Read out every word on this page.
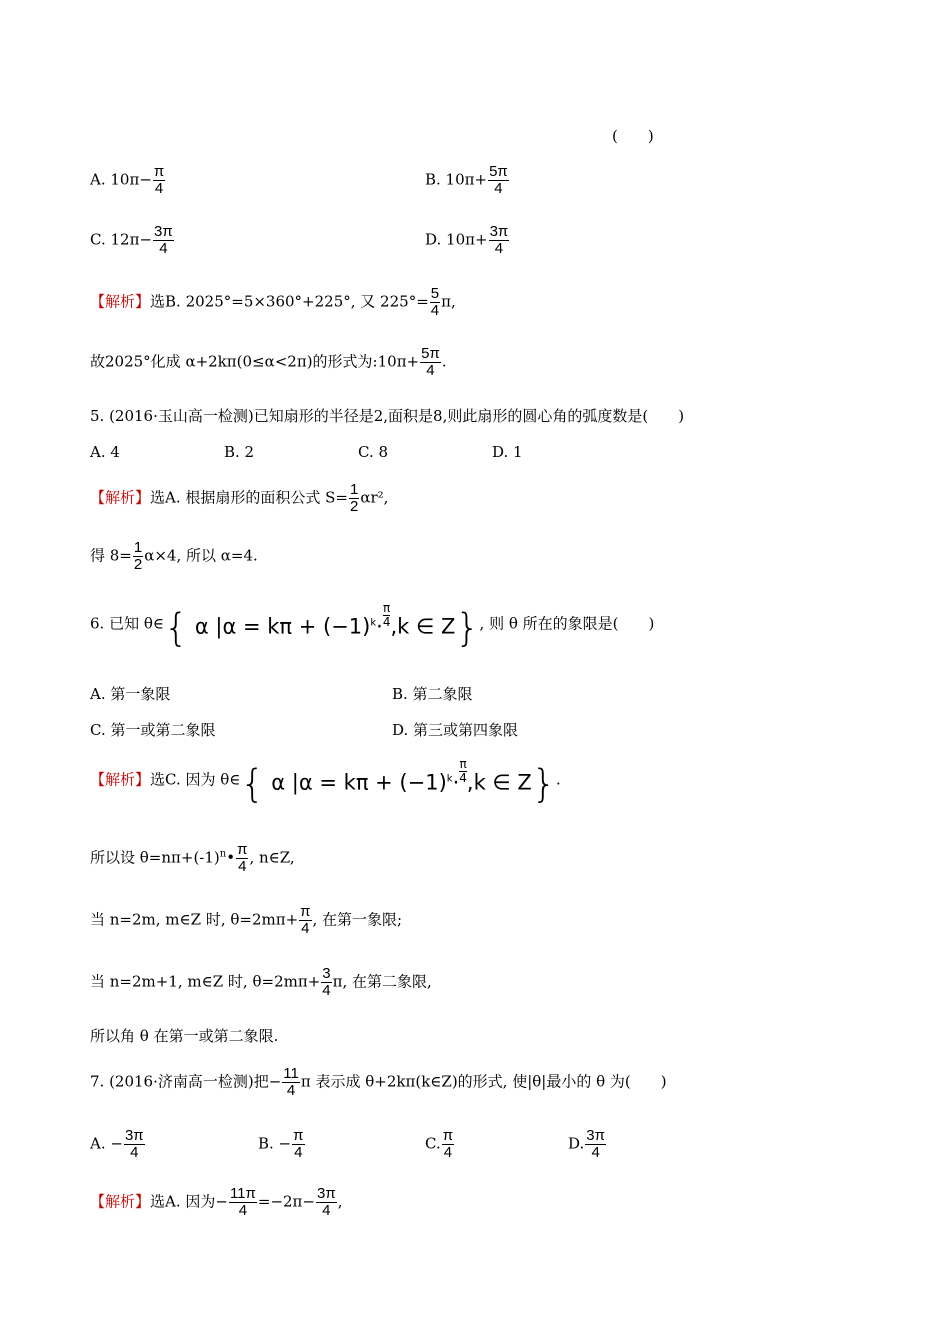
(　　)
A. $10\pi- \frac{\pi}{4}$	B. $10\pi+ \frac{5\pi}{4}$
C. $12\pi- \frac{3\pi}{4}$	D. $10\pi+ \frac{3\pi}{4}$
【解析】选B. 2025°=5×360°+225°, 又 $225^\circ= \frac{5}{4} \pi$,
故2025°化成 α+2kπ(0≤α<2π)的形式为:10π+ $\frac{5\pi}{4}$ .
5. (2016·玉山高一检测)已知扇形的半径是2,面积是8,则此扇形的圆心角的弧度数是(　　)
A. 4	B. 2	C. 8	D. 1
【解析】选A. 根据扇形的面积公式 $S= \frac{1}{2} \alpha r^2$,
得 $8= \frac{1}{2} \alpha\times 4$, 所以 α=4.
6. 已知 θ∈{ α $|\alpha = k\pi + (-1)^k\cdot \frac{\pi}{4} ,k$ ∈ Z}, 则 θ 所在的象限是(　　)
A. 第一象限	B. 第二象限
C. 第一或第二象限	D. 第三或第四象限
【解析】选C. 因为 θ∈{ α $|\alpha = k\pi + (-1)^k\cdot \frac{\pi}{4} ,k$ ∈ Z}.
所以设 $\theta=n\pi+(-1)^n• \frac{\pi}{4}$ , n∈Z,
当 n=2m, m∈Z 时, $\theta=2m\pi+ \frac{\pi}{4}$ , 在第一象限;
当 n=2m+1, m∈Z 时, $\theta=2m\pi+ \frac{3}{4} \pi$, 在第二象限,
所以角 θ 在第一或第二象限.
7. (2016·济南高一检测)把− $\frac{11}{4}$ π 表示成 θ+2kπ(k∈Z)的形式, 使|θ|最小的 θ 为(　　)
A. − $\frac{3\pi}{4}$	B. − $\frac{\pi}{4}$	C. $\frac{\pi}{4}$	D. $\frac{3\pi}{4}$
【解析】选A. 因为− $\frac{11\pi}{4} =-2\pi- \frac{3\pi}{4}$ ,
